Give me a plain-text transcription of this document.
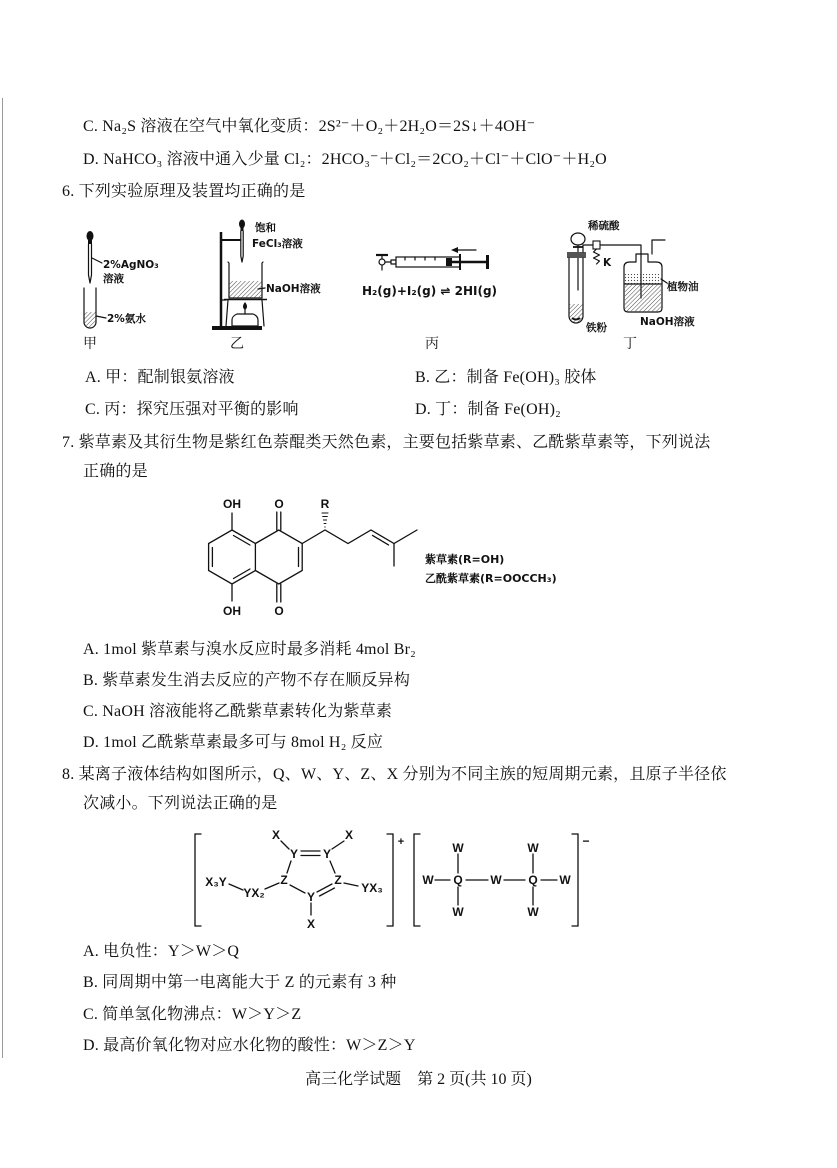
C. Na₂S 溶液在空气中氧化变质：2S²⁻＋O₂＋2H₂O＝2S↓＋4OH⁻
D. NaHCO₃ 溶液中通入少量 Cl₂：2HCO₃⁻＋Cl₂＝2CO₂＋Cl⁻＋ClO⁻＋H₂O
6. 下列实验原理及装置均正确的是
2%AgNO₃
溶液
2%氨水
甲
饱和
FeCl₃溶液
NaOH溶液
乙
H₂(g)+I₂(g) ⇌ 2HI(g)
丙
稀硫酸
K
植物油
铁粉	NaOH溶液
丁
A. 甲：配制银氨溶液	B. 乙：制备 Fe(OH)₃ 胶体
C. 丙：探究压强对平衡的影响	D. 丁：制备 Fe(OH)₂
7. 紫草素及其衍生物是紫红色萘醌类天然色素，主要包括紫草素、乙酰紫草素等，下列说法
正确的是
OH	O	R
OH	O
紫草素(R=OH)
乙酰紫草素(R=OOCCH₃)
A. 1mol 紫草素与溴水反应时最多消耗 4mol Br₂
B. 紫草素发生消去反应的产物不存在顺反异构
C. NaOH 溶液能将乙酰紫草素转化为紫草素
D. 1mol 乙酰紫草素最多可与 8mol H₂ 反应
8. 某离子液体结构如图所示，Q、W、Y、Z、X 分别为不同主族的短周期元素，且原子半径依
次减小。下列说法正确的是
X	X
Y Y
X₃Y
YX₂
Z	Z
Y
YX₃
X
+	W
W Q W Q W
W
W
W
−
A. 电负性：Y＞W＞Q
B. 同周期中第一电离能大于 Z 的元素有 3 种
C. 简单氢化物沸点：W＞Y＞Z
D. 最高价氧化物对应水化物的酸性：W＞Z＞Y
高三化学试题　第 2 页(共 10 页)
